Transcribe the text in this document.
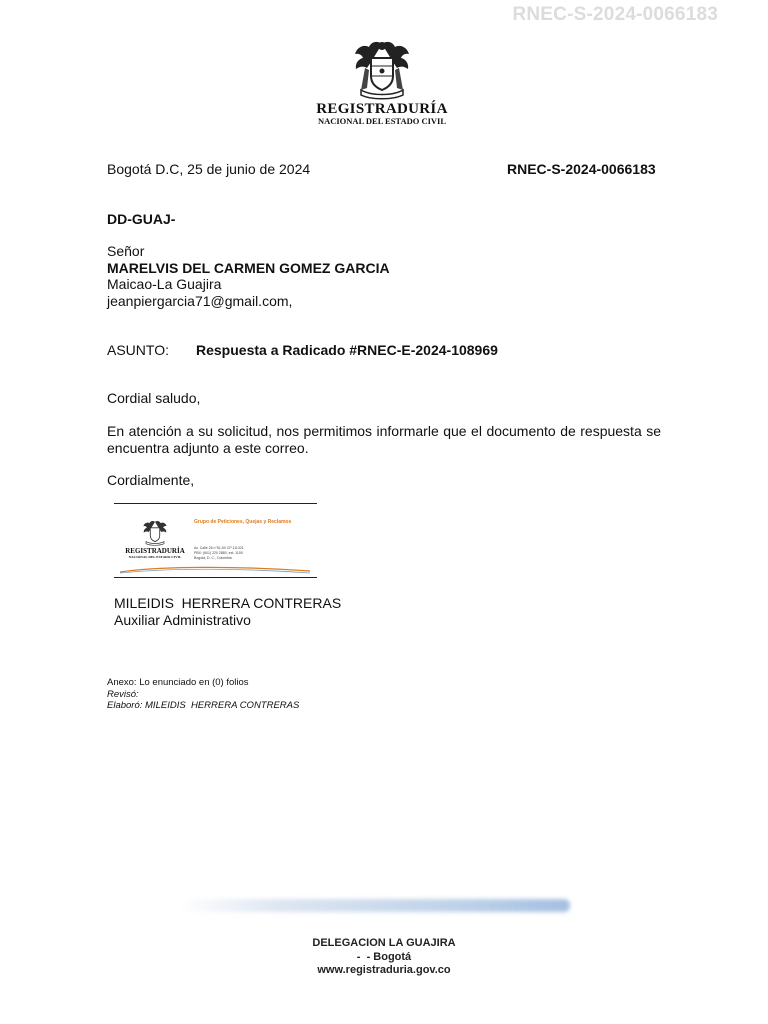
RNEC-S-2024-0066183
REGISTRADURÍA
NACIONAL DEL ESTADO CIVIL
Bogotá D.C, 25 de junio de 2024	RNEC-S-2024-0066183
DD-GUAJ-
Señor
MARELVIS DEL CARMEN GOMEZ GARCIA
Maicao-La Guajira
jeanpiergarcia71@gmail.com,
ASUNTO: Respuesta a Radicado #RNEC-E-2024-108969
Cordial saludo,
En atención a su solicitud, nos permitimos informarle que el documento de respuesta se encuentra adjunto a este correo.
Cordialmente,
REGISTRADURÍA
NACIONAL DEL ESTADO CIVIL
Grupo de Peticiones, Quejas y Reclamos
Av. Calle 26 n°51-50 CP 111321
PBX: (601) 220 2880, ext. 1150
Bogotá, D. C., Colombia
MILEIDIS  HERRERA CONTRERAS
Auxiliar Administrativo
Anexo: Lo enunciado en (0) folios
Revisó:
Elaboró: MILEIDIS  HERRERA CONTRERAS
DELEGACION LA GUAJIRA
-  - Bogotá
www.registraduria.gov.co
